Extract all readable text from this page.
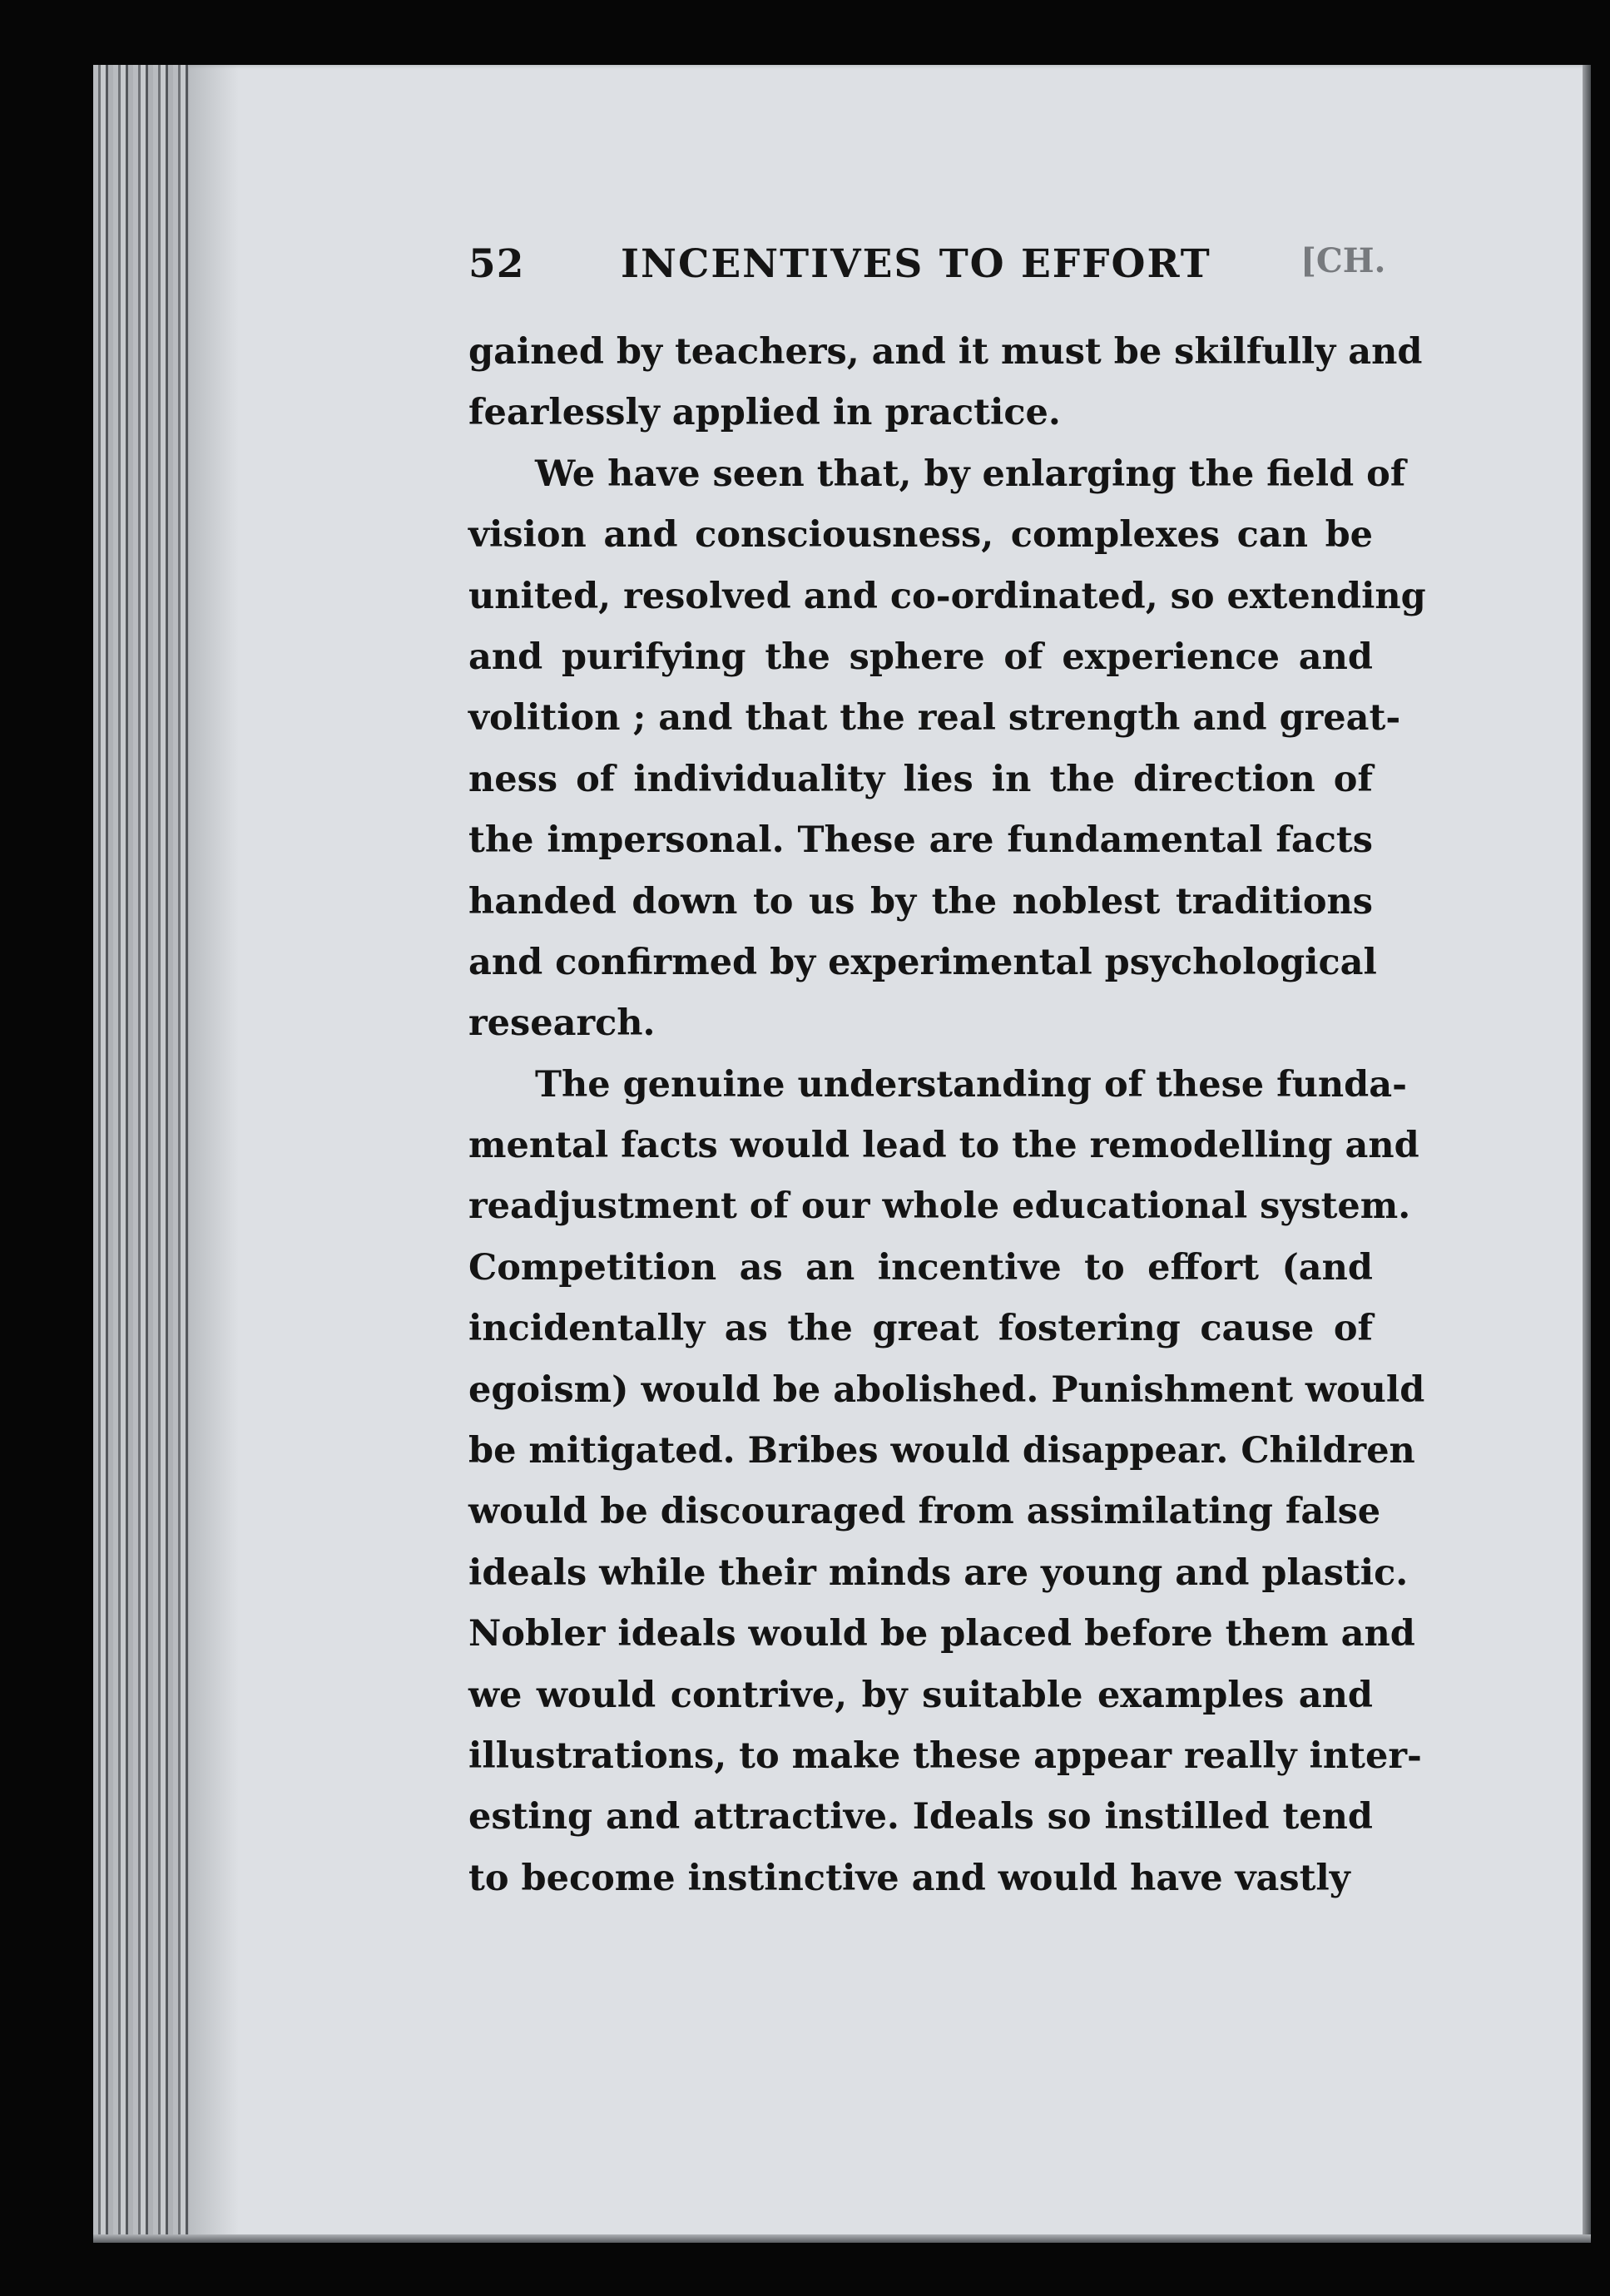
52 INCENTIVES TO EFFORT	[CH.
gained by teachers, and it must be skilfully and
fearlessly applied in practice.
We have seen that, by enlarging the field of
vision and consciousness, complexes can be
united, resolved and co-ordinated, so extending
and purifying the sphere of experience and
volition ; and that the real strength and great-
ness of individuality lies in the direction of
the impersonal. These are fundamental facts
handed down to us by the noblest traditions
and confirmed by experimental psychological
research.
The genuine understanding of these funda-
mental facts would lead to the remodelling and
readjustment of our whole educational system.
Competition as an incentive to effort (and
incidentally as the great fostering cause of
egoism) would be abolished. Punishment would
be mitigated. Bribes would disappear. Children
would be discouraged from assimilating false
ideals while their minds are young and plastic.
Nobler ideals would be placed before them and
we would contrive, by suitable examples and
illustrations, to make these appear really inter-
esting and attractive. Ideals so instilled tend
to become instinctive and would have vastly
